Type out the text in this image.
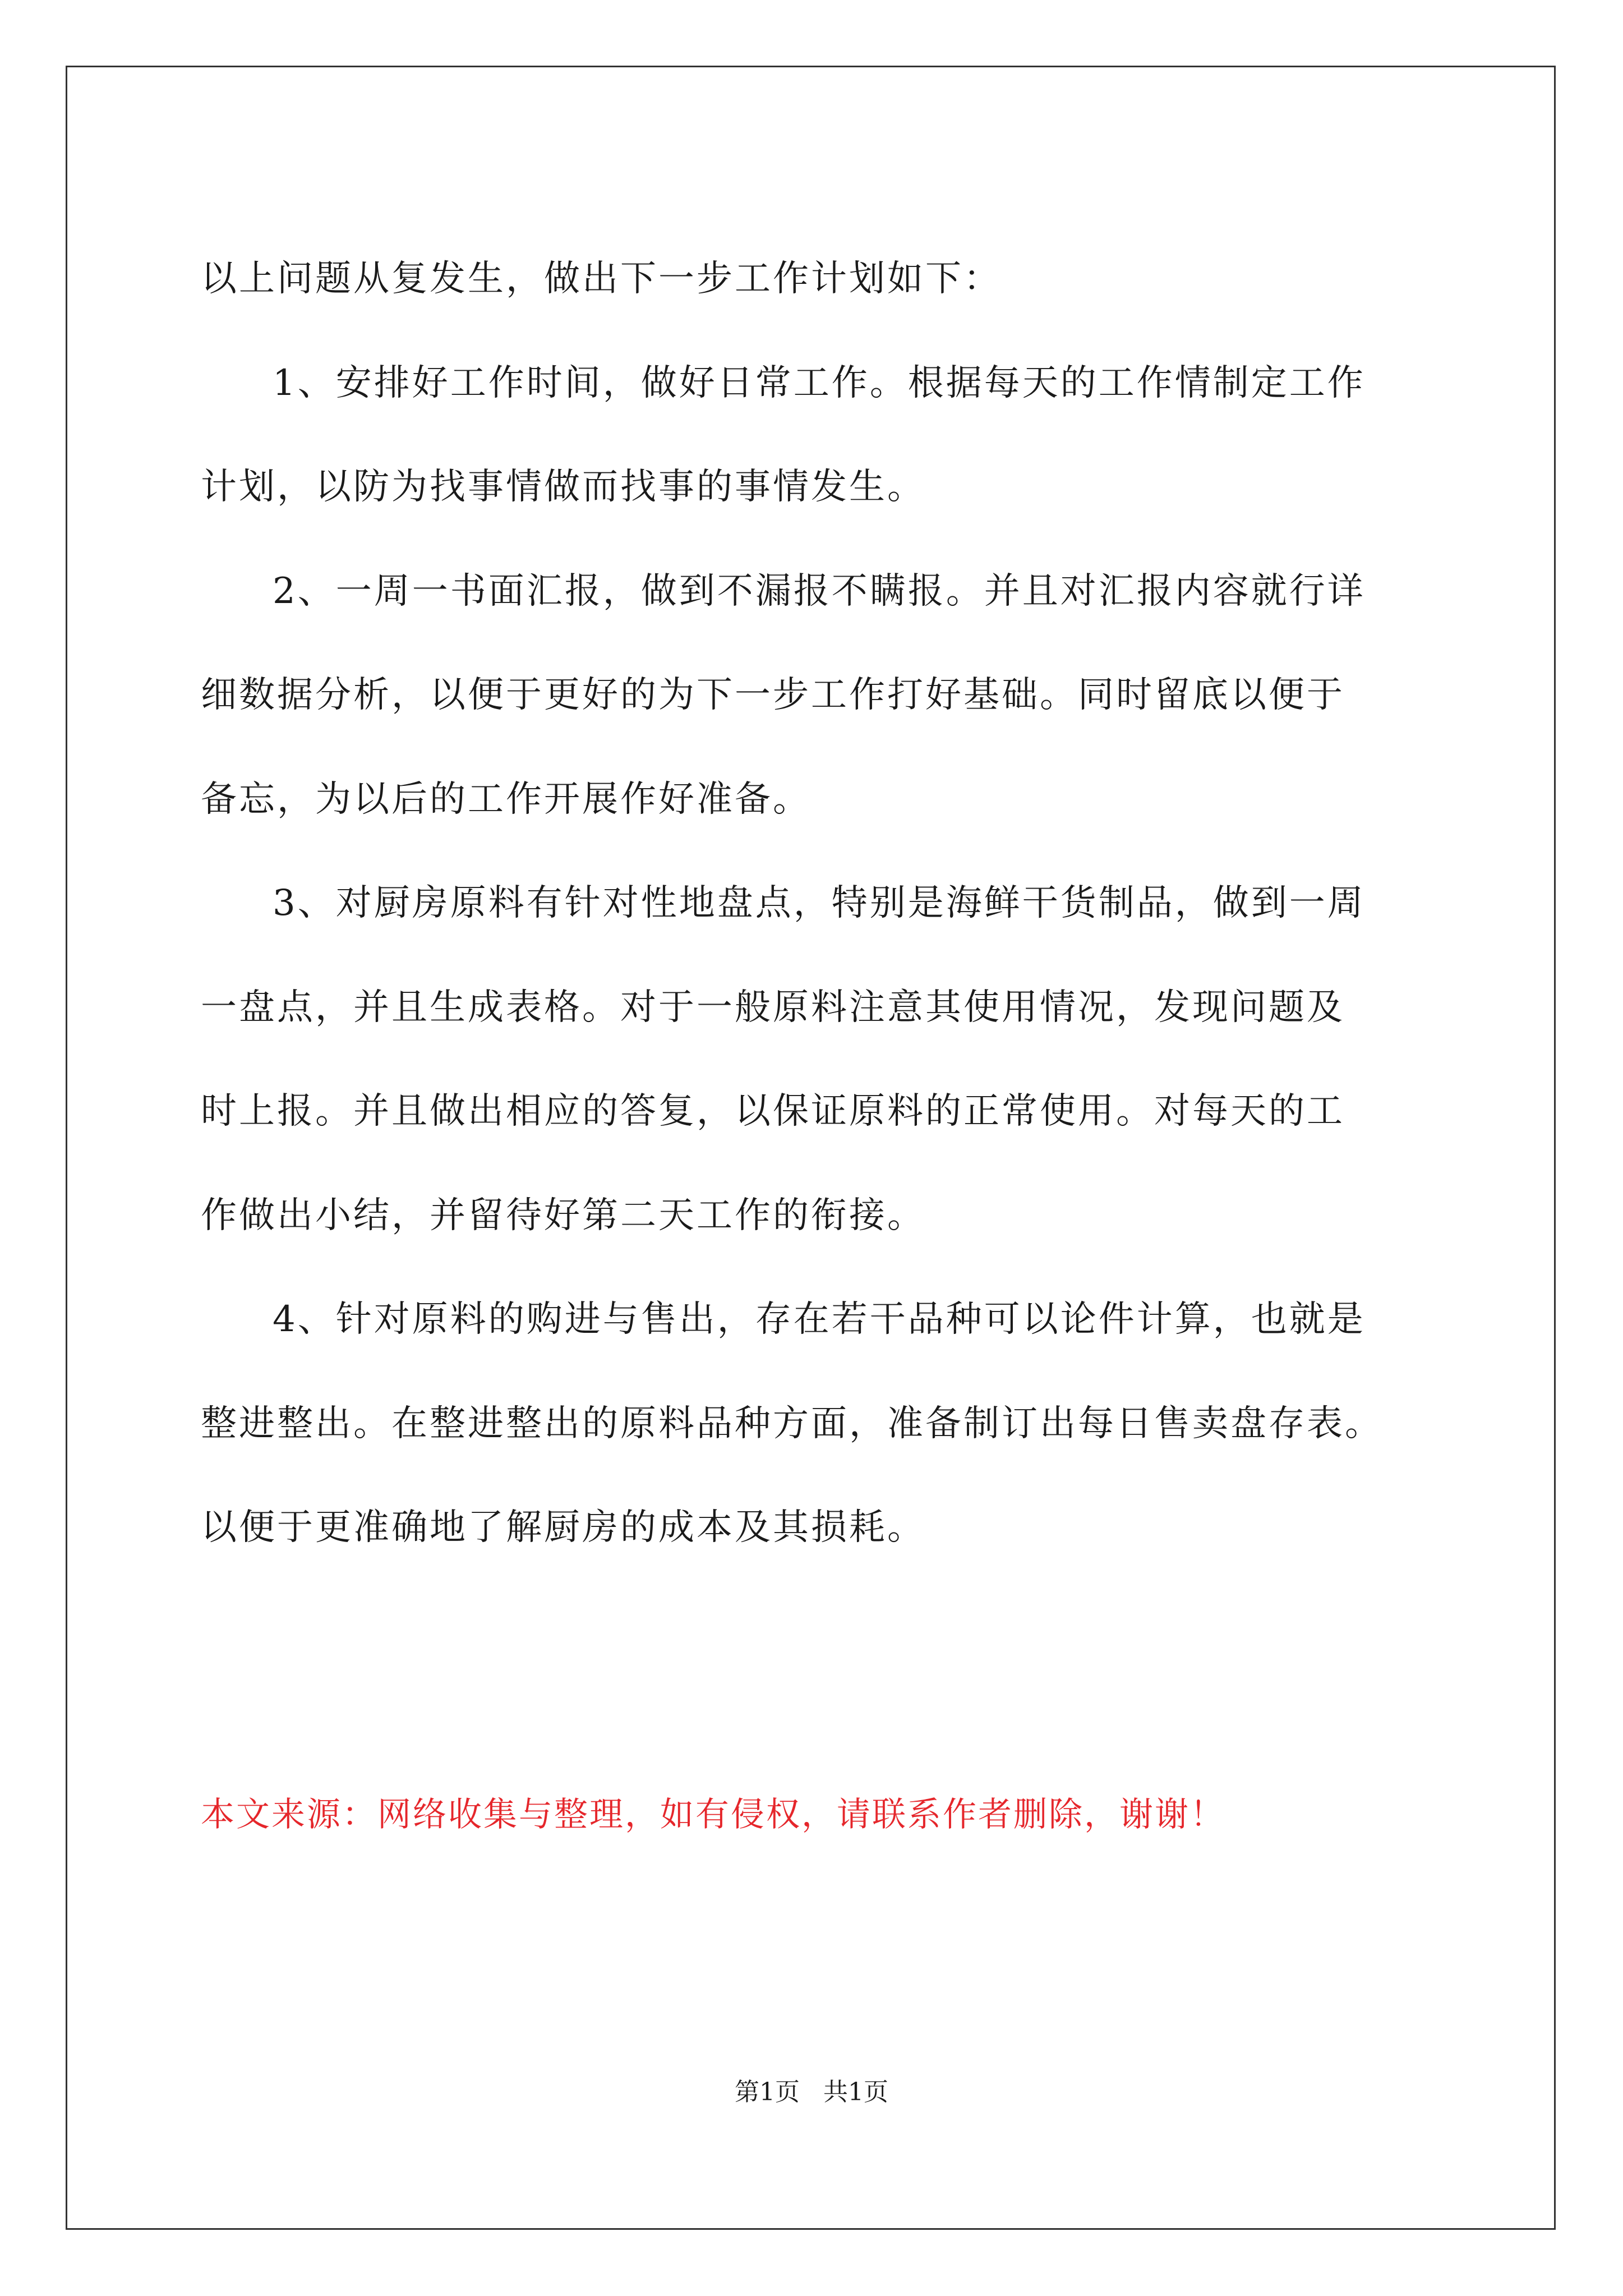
以上问题从复发生，做出下一步工作计划如下：
1、安排好工作时间，做好日常工作。根据每天的工作情制定工作
计划，以防为找事情做而找事的事情发生。
2、一周一书面汇报，做到不漏报不瞒报。并且对汇报内容就行详
细数据分析，以便于更好的为下一步工作打好基础。同时留底以便于
备忘，为以后的工作开展作好准备。
3、对厨房原料有针对性地盘点，特别是海鲜干货制品，做到一周
一盘点，并且生成表格。对于一般原料注意其使用情况，发现问题及
时上报。并且做出相应的答复，以保证原料的正常使用。对每天的工
作做出小结，并留待好第二天工作的衔接。
4、针对原料的购进与售出，存在若干品种可以论件计算，也就是
整进整出。在整进整出的原料品种方面，准备制订出每日售卖盘存表。
以便于更准确地了解厨房的成本及其损耗。
本文来源：网络收集与整理，如有侵权，请联系作者删除，谢谢！
第1页   共1页
